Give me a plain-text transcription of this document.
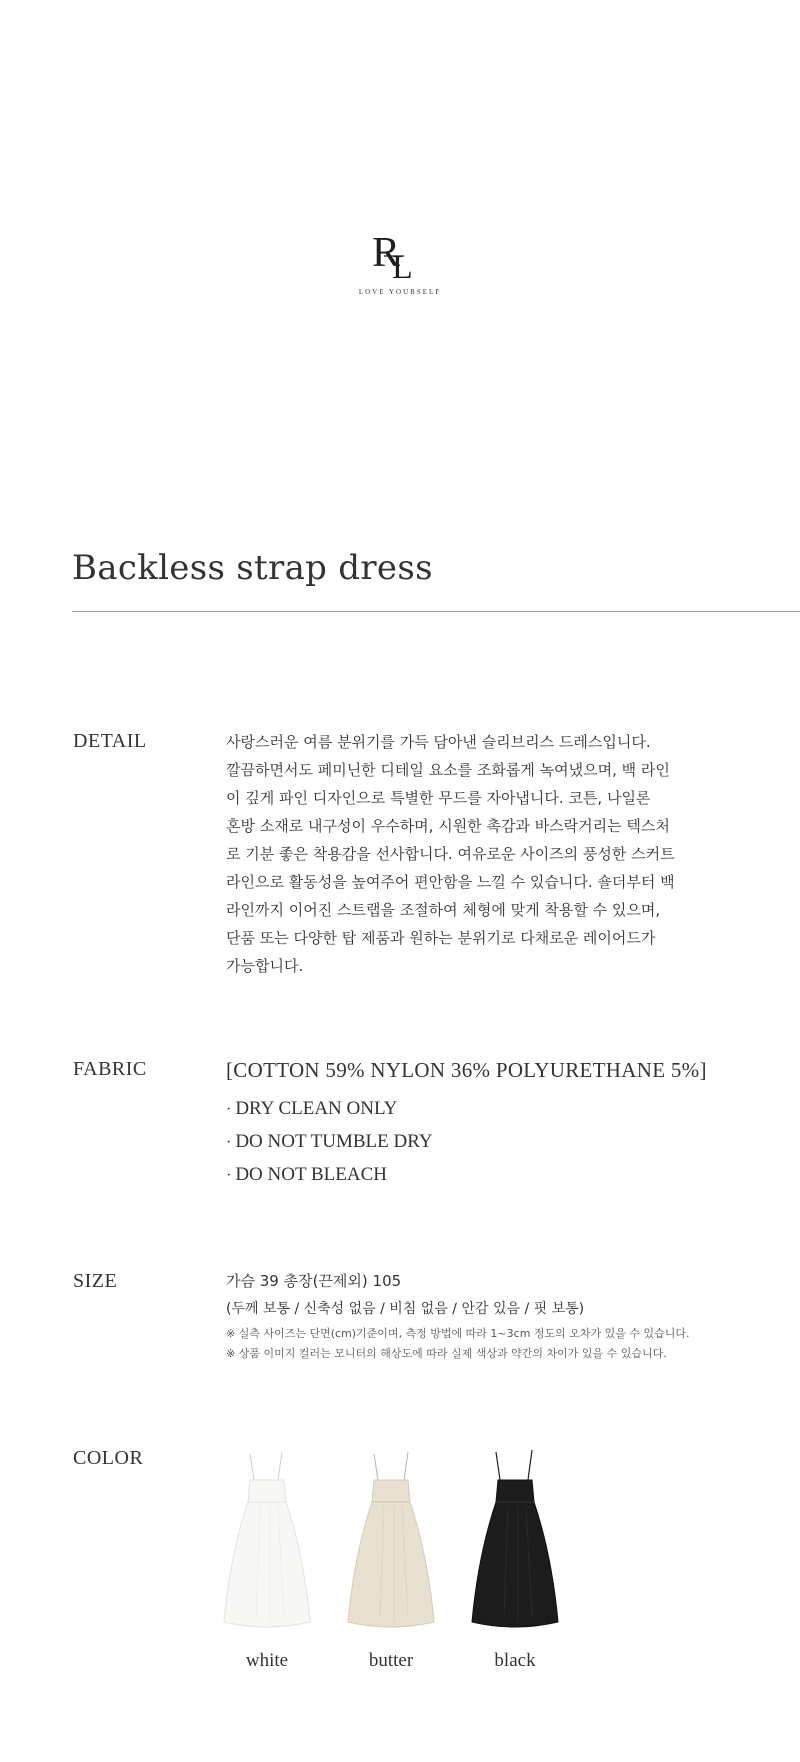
R
L
LOVE YOURSELF
Backless strap dress
DETAIL	사랑스러운 여름 분위기를 가득 담아낸 슬리브리스 드레스입니다.
깔끔하면서도 페미닌한 디테일 요소를 조화롭게 녹여냈으며, 백 라인
이 깊게 파인 디자인으로 특별한 무드를 자아냅니다. 코튼, 나일론
혼방 소재로 내구성이 우수하며, 시원한 촉감과 바스락거리는 텍스처
로 기분 좋은 착용감을 선사합니다. 여유로운 사이즈의 풍성한 스커트
라인으로 활동성을 높여주어 편안함을 느낄 수 있습니다. 숄더부터 백
라인까지 이어진 스트랩을 조절하여 체형에 맞게 착용할 수 있으며,
단품 또는 다양한 탑 제품과 원하는 분위기로 다채로운 레이어드가
가능합니다.
FABRIC	[COTTON 59% NYLON 36% POLYURETHANE 5%]
· DRY CLEAN ONLY
· DO NOT TUMBLE DRY
· DO NOT BLEACH
SIZE	가슴 39 총장(끈제외) 105
(두께 보통 / 신축성 없음 / 비침 없음 / 안감 있음 / 핏 보통)
※ 실측 사이즈는 단면(cm)기준이며, 측정 방법에 따라 1~3cm 정도의 오차가 있을 수 있습니다.
※ 상품 이미지 컬러는 모니터의 해상도에 따라 실제 색상과 약간의 차이가 있을 수 있습니다.
COLOR
white	butter	black
